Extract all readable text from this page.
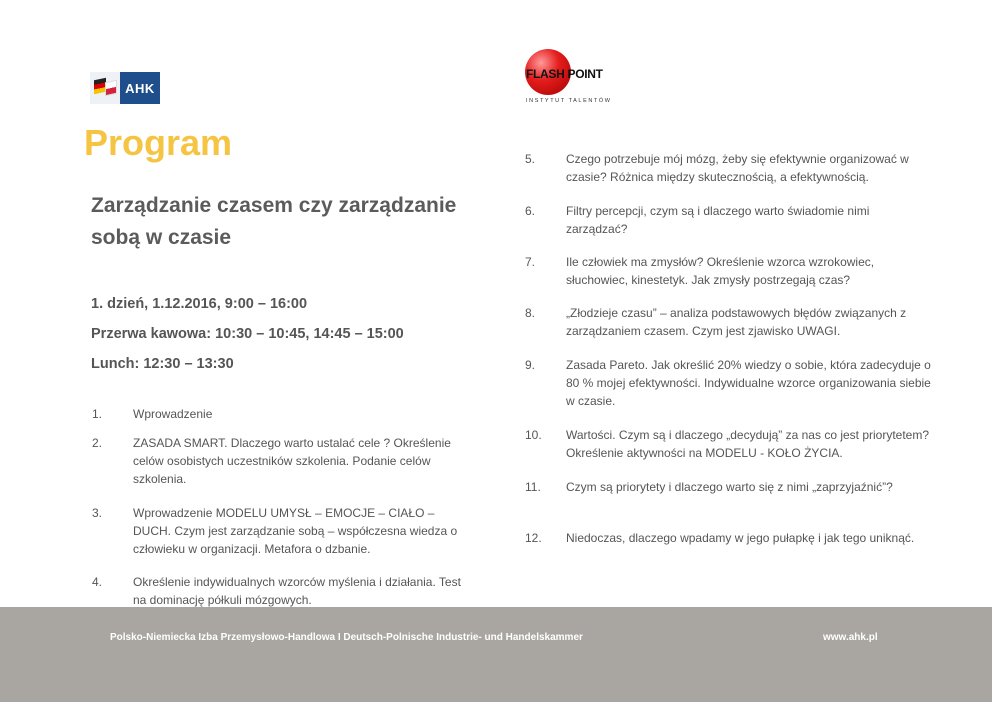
AHK
FLASH POINT
INSTYTUT TALENTÓW
Program
Zarządzanie czasem czy zarządzanie sobą w czasie
1. dzień, 1.12.2016, 9:00 – 16:00
Przerwa kawowa: 10:30 – 10:45, 14:45 – 15:00
Lunch: 12:30 – 13:30
1.	Wprowadzenie
2.	ZASADA SMART. Dlaczego warto ustalać cele ? Określenie celów osobistych uczestników szkolenia. Podanie celów szkolenia.
3.	Wprowadzenie MODELU UMYSŁ – EMOCJE – CIAŁO – DUCH. Czym jest zarządzanie sobą – współczesna wiedza o człowieku w organizacji. Metafora o dzbanie.
4.	Określenie indywidualnych wzorców myślenia i działania. Test na dominację półkuli mózgowych.
5.	Czego potrzebuje mój mózg, żeby się efektywnie organizować w czasie? Różnica między skutecznością, a efektywnością.
6.	Filtry percepcji, czym są i dlaczego warto świadomie nimi zarządzać?
7.	Ile człowiek ma zmysłów? Określenie wzorca wzrokowiec, słuchowiec, kinestetyk. Jak zmysły postrzegają czas?
8.	„Złodzieje czasu” – analiza podstawowych błędów związanych z zarządzaniem czasem. Czym jest zjawisko UWAGI.
9.	Zasada Pareto. Jak określić 20% wiedzy o sobie, która zadecyduje o 80 % mojej efektywności. Indywidualne wzorce organizowania siebie w czasie.
10. Wartości. Czym są i dlaczego „decydują” za nas co jest priorytetem? Określenie aktywności na MODELU - KOŁO ŻYCIA.
11. Czym są priorytety i dlaczego warto się z nimi „zaprzyjaźnić”?
12. Niedoczas, dlaczego wpadamy w jego pułapkę i jak tego uniknąć.
Polsko-Niemiecka Izba Przemysłowo-Handlowa I Deutsch-Polnische Industrie- und Handelskammer	www.ahk.pl
